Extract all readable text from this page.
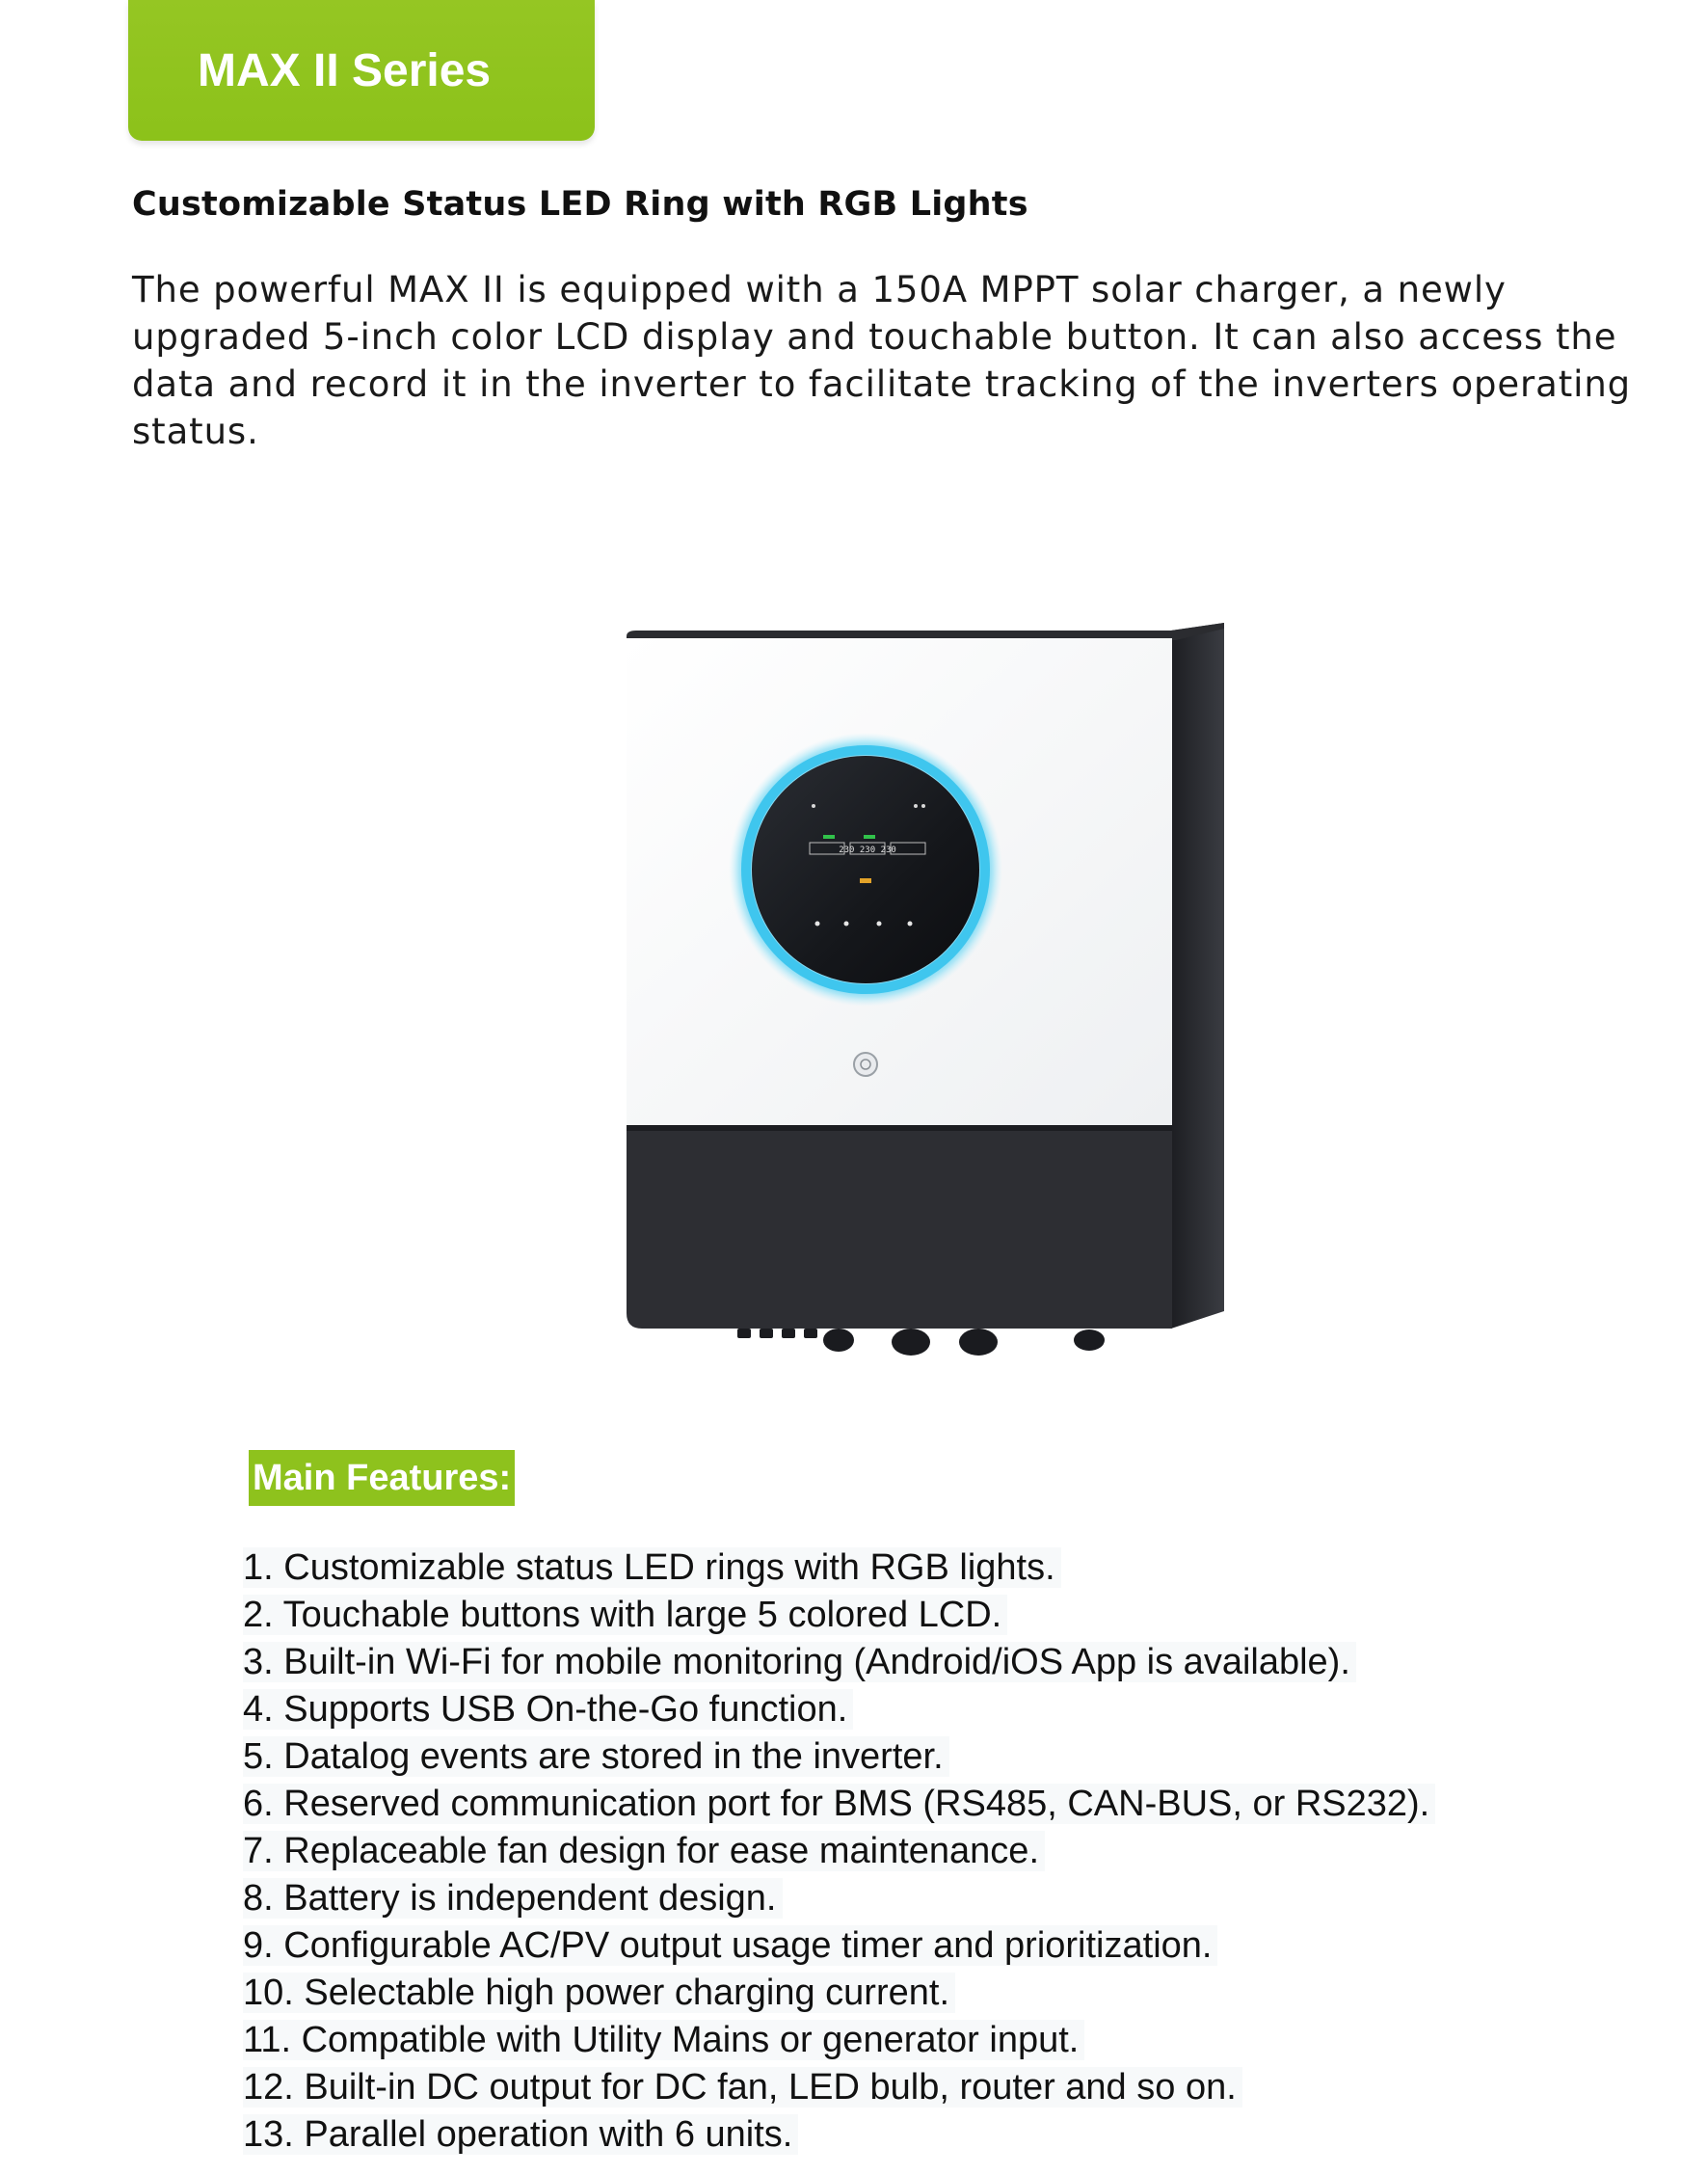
MAX II Series
Customizable Status LED Ring with RGB Lights

The powerful MAX II is equipped with a 150A MPPT solar charger, a newly upgraded 5-inch color LCD display and touchable button. It can also access the data and record it in the inverter to facilitate tracking of the inverters operating status.

230 230 230
Main Features:
1. Customizable status LED rings with RGB lights.
2. Touchable buttons with large 5 colored LCD.
3. Built-in Wi-Fi for mobile monitoring (Android/iOS App is available).
4. Supports USB On-the-Go function.
5. Datalog events are stored in the inverter.
6. Reserved communication port for BMS (RS485, CAN-BUS, or RS232).
7. Replaceable fan design for ease maintenance.
8. Battery is independent design.
9. Configurable AC/PV output usage timer and prioritization.
10. Selectable high power charging current.
11. Compatible with Utility Mains or generator input.
12. Built-in DC output for DC fan, LED bulb, router and so on.
13. Parallel operation with 6 units.
